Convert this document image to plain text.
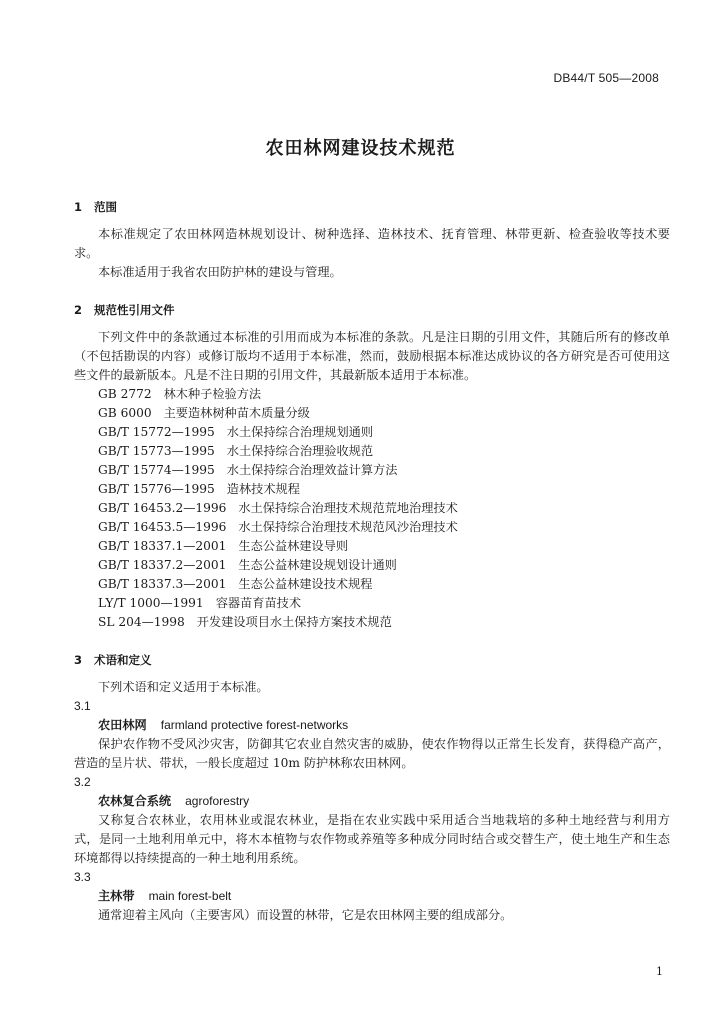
DB44/T 505—2008
农田林网建设技术规范
1 范围
本标准规定了农田林网造林规划设计、树种选择、造林技术、抚育管理、林带更新、检查验收等技术要求。
本标准适用于我省农田防护林的建设与管理。
2 规范性引用文件
下列文件中的条款通过本标准的引用而成为本标准的条款。凡是注日期的引用文件，其随后所有的修改单（不包括勘误的内容）或修订版均不适用于本标准，然而，鼓励根据本标准达成协议的各方研究是否可使用这些文件的最新版本。凡是不注日期的引用文件，其最新版本适用于本标准。
GB 2772 林木种子检验方法
GB 6000 主要造林树种苗木质量分级
GB/T 15772—1995 水土保持综合治理规划通则
GB/T 15773—1995 水土保持综合治理验收规范
GB/T 15774—1995 水土保持综合治理效益计算方法
GB/T 15776—1995 造林技术规程
GB/T 16453.2—1996 水土保持综合治理技术规范荒地治理技术
GB/T 16453.5—1996 水土保持综合治理技术规范风沙治理技术
GB/T 18337.1—2001 生态公益林建设导则
GB/T 18337.2—2001 生态公益林建设规划设计通则
GB/T 18337.3—2001 生态公益林建设技术规程
LY/T 1000—1991 容器苗育苗技术
SL 204—1998 开发建设项目水土保持方案技术规范
3 术语和定义
下列术语和定义适用于本标准。
3.1
农田林网 farmland protective forest-networks
保护农作物不受风沙灾害，防御其它农业自然灾害的威胁，使农作物得以正常生长发育，获得稳产高产，营造的呈片状、带状，一般长度超过 10m 防护林称农田林网。
3.2
农林复合系统 agroforestry
又称复合农林业，农用林业或混农林业，是指在农业实践中采用适合当地栽培的多种土地经营与利用方式，是同一土地利用单元中，将木本植物与农作物或养殖等多种成分同时结合或交替生产，使土地生产和生态环境都得以持续提高的一种土地利用系统。
3.3
主林带 main forest-belt
通常迎着主风向（主要害风）而设置的林带，它是农田林网主要的组成部分。
1
